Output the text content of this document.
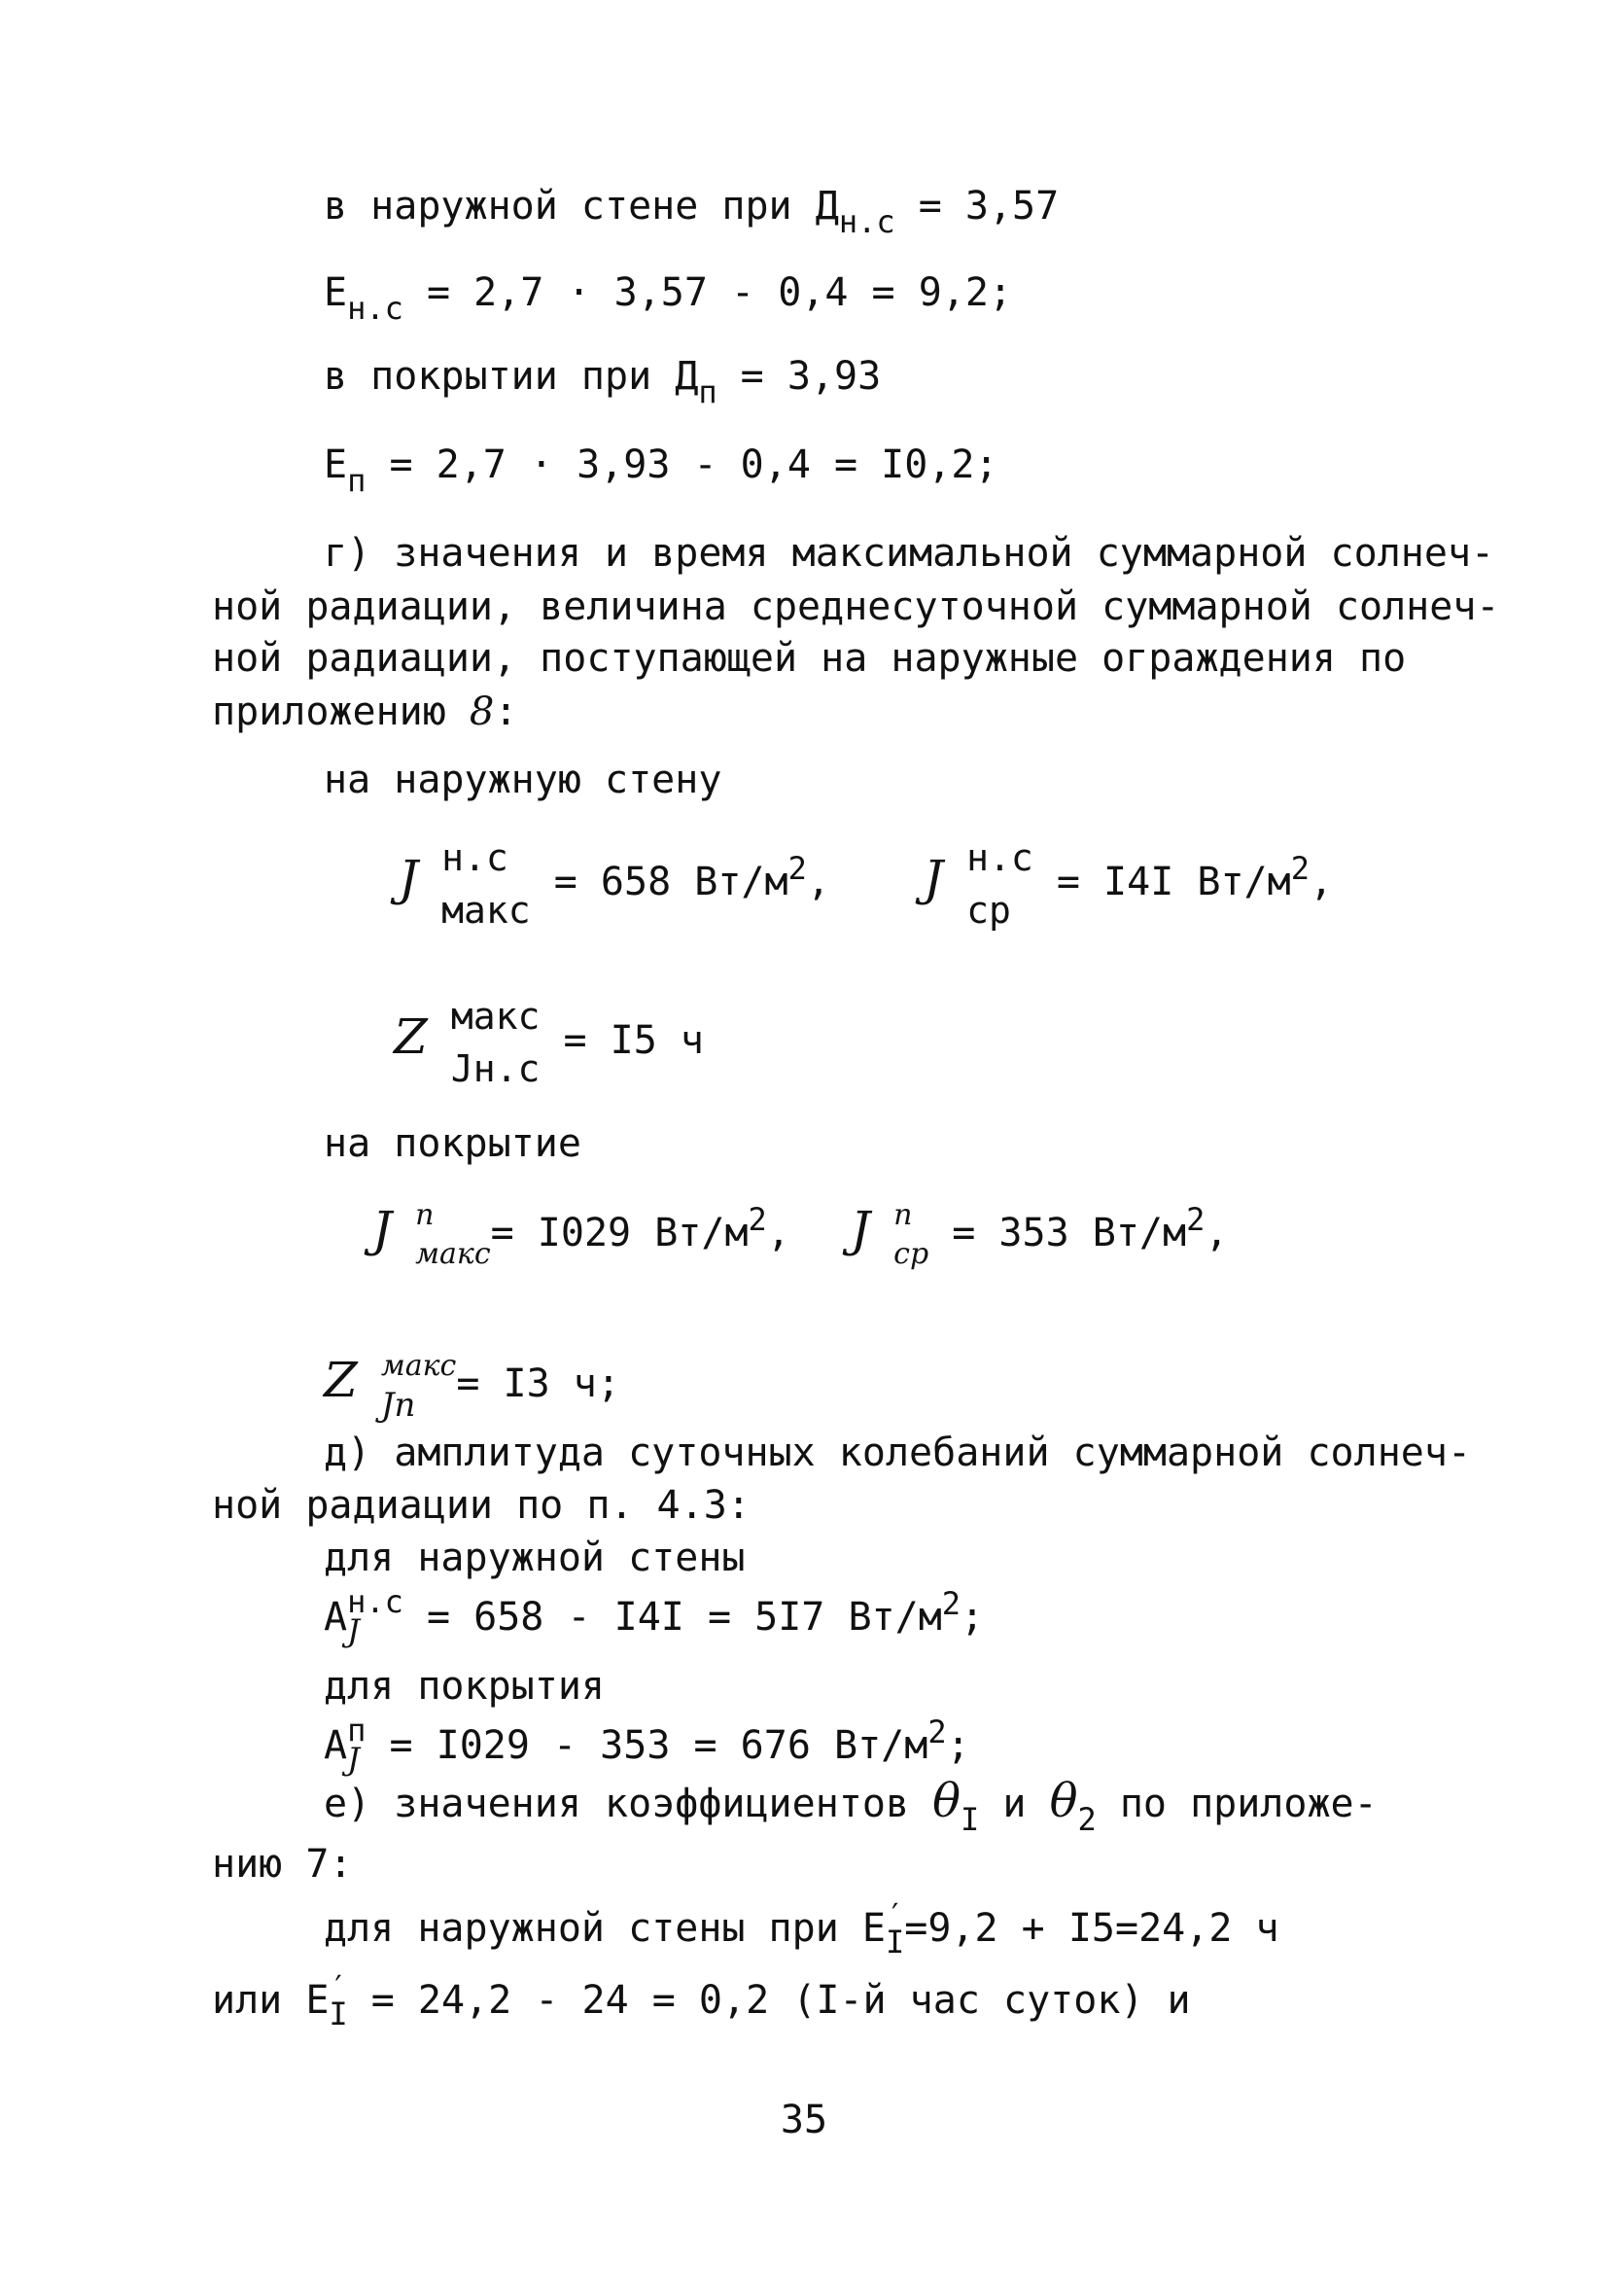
в наружной стене при $Д_{н.с} = 3,57$
$Е_{н.с} = 2,7 \cdot 3,57 - 0,4 = 9,2$;
в покрытии при $Д_п = 3,93$
$Е_п = 2,7 \cdot 3,93 - 0,4 = I0,2$;
г) значения и время максимальной суммарной солнеч-
ной радиации, величина среднесуточной суммарной солнеч-
ной радиации, поступающей на наружные ограждения по
приложению 8:
на наружную стену
J н.с
макс
= 658 $Вт/м^2$, J н.с
ср
= I4I $Вт/м^2$,
Z макс
Jн.с
= I5 ч
на покрытие
J п
макс = I029 $Вт/м^2$, J п
ср = 353 $Вт/м^2$,
Z макс
Jп	= I3 ч;
д) амплитуда суточных колебаний суммарной солнеч-
ной радиации по п. 4.3:
для наружной стены
A н.с
J	= 658 - I4I = 5I7 $Вт/м^2$;
для покрытия
A п
J = I029 - 353 = 676 $Вт/м^2$;
е) значения коэффициентов $\theta_I$ и $\theta_2$ по приложе-
нию 7:
для наружной стены при E ′
I =9,2 + I5=24,2 ч
или E ′
I = 24,2 - 24 = 0,2 (I-й час суток) и
35
